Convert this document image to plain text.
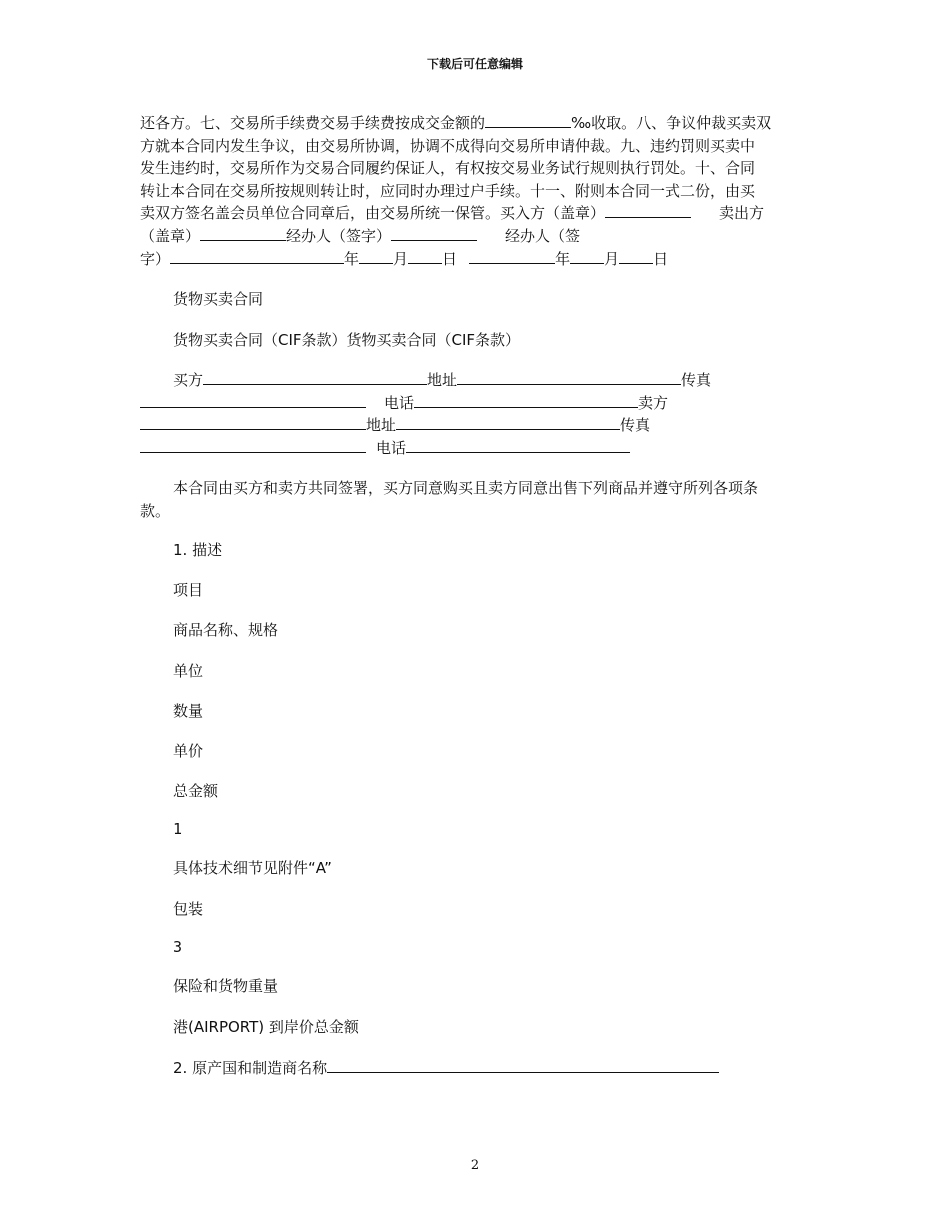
下载后可任意编辑
还各方。七、交易所手续费交易手续费按成交金额的	‰收取。八、争议仲裁买卖双
方就本合同内发生争议，由交易所协调，协调不成得向交易所申请仲裁。九、违约罚则买卖中
发生违约时，交易所作为交易合同履约保证人，有权按交易业务试行规则执行罚处。十、合同
转让本合同在交易所按规则转让时，应同时办理过户手续。十一、附则本合同一式二份，由买
卖双方签名盖会员单位合同章后，由交易所统一保管。买入方（盖章）	卖出方
（盖章）	经办人（签字）	经办人（签
字）	年 月 日	年 月 日
货物买卖合同
货物买卖合同（CIF条款）货物买卖合同（CIF条款）
买方	地址	传真
电话	卖方
地址	传真
电话
本合同由买方和卖方共同签署，买方同意购买且卖方同意出售下列商品并遵守所列各项条
款。
1. 描述
项目
商品名称、规格
单位
数量
单价
总金额
1
具体技术细节见附件“A”
包装
3
保险和货物重量
港(AIRPORT) 到岸价总金额
2. 原产国和制造商名称
2
